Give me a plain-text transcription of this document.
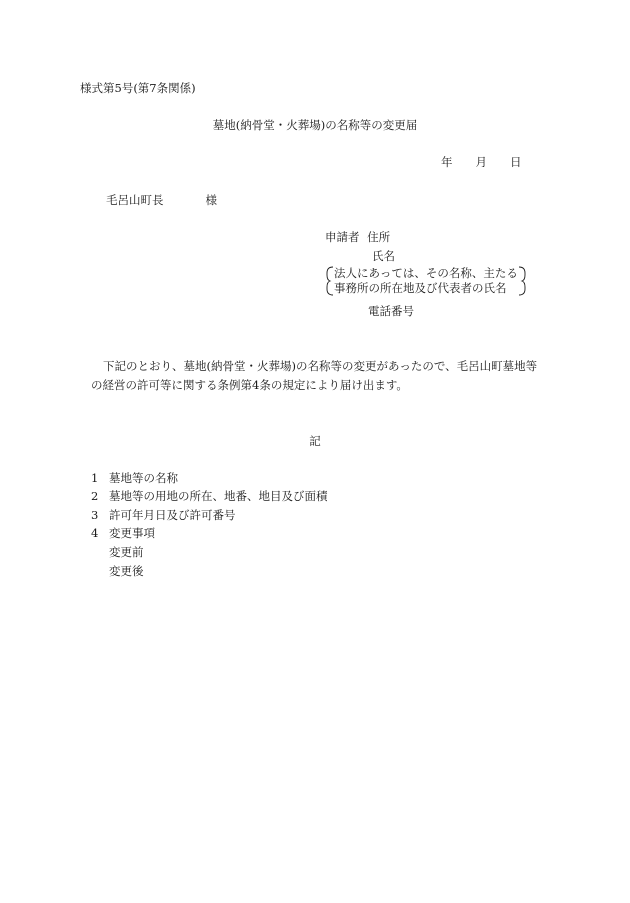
様式第5号(第7条関係)
墓地(納骨堂・火葬場)の名称等の変更届
年 月 日
毛呂山町長	様
申請者 住所
氏名
法人にあっては、その名称、主たる
事務所の所在地及び代表者の氏名
電話番号
下記のとおり、墓地(納骨堂・火葬場)の名称等の変更があったので、毛呂山町墓地等
の経営の許可等に関する条例第4条の規定により届け出ます。
記
1 墓地等の名称
2 墓地等の用地の所在、地番、地目及び面積
3 許可年月日及び許可番号
4 変更事項
変更前
変更後
